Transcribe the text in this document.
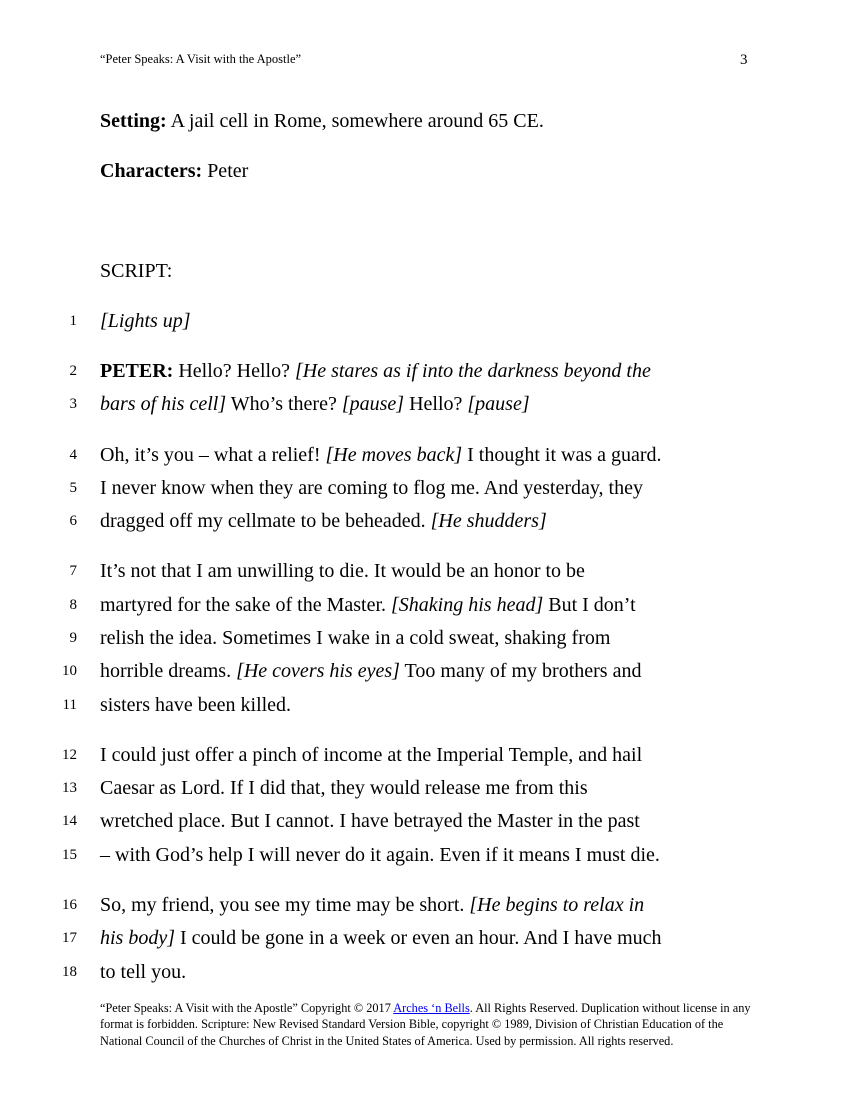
“Peter Speaks: A Visit with the Apostle”	3
Setting: A jail cell in Rome, somewhere around 65 CE.
Characters: Peter
SCRIPT:
1 [Lights up]
2 PETER: Hello? Hello? [He stares as if into the darkness beyond the
3 bars of his cell] Who’s there? [pause] Hello? [pause]
4 Oh, it’s you – what a relief! [He moves back] I thought it was a guard.
5 I never know when they are coming to flog me. And yesterday, they
6 dragged off my cellmate to be beheaded. [He shudders]
7 It’s not that I am unwilling to die. It would be an honor to be
8 martyred for the sake of the Master. [Shaking his head] But I don’t
9 relish the idea. Sometimes I wake in a cold sweat, shaking from
10 horrible dreams. [He covers his eyes] Too many of my brothers and
11 sisters have been killed.
12 I could just offer a pinch of income at the Imperial Temple, and hail
13 Caesar as Lord. If I did that, they would release me from this
14 wretched place. But I cannot. I have betrayed the Master in the past
15 – with God’s help I will never do it again. Even if it means I must die.
16 So, my friend, you see my time may be short. [He begins to relax in
17 his body] I could be gone in a week or even an hour. And I have much
18 to tell you.
“Peter Speaks: A Visit with the Apostle” Copyright © 2017 Arches ‘n Bells. All Rights Reserved. Duplication without license in any format is forbidden. Scripture: New Revised Standard Version Bible, copyright © 1989, Division of Christian Education of the National Council of the Churches of Christ in the United States of America. Used by permission. All rights reserved.
